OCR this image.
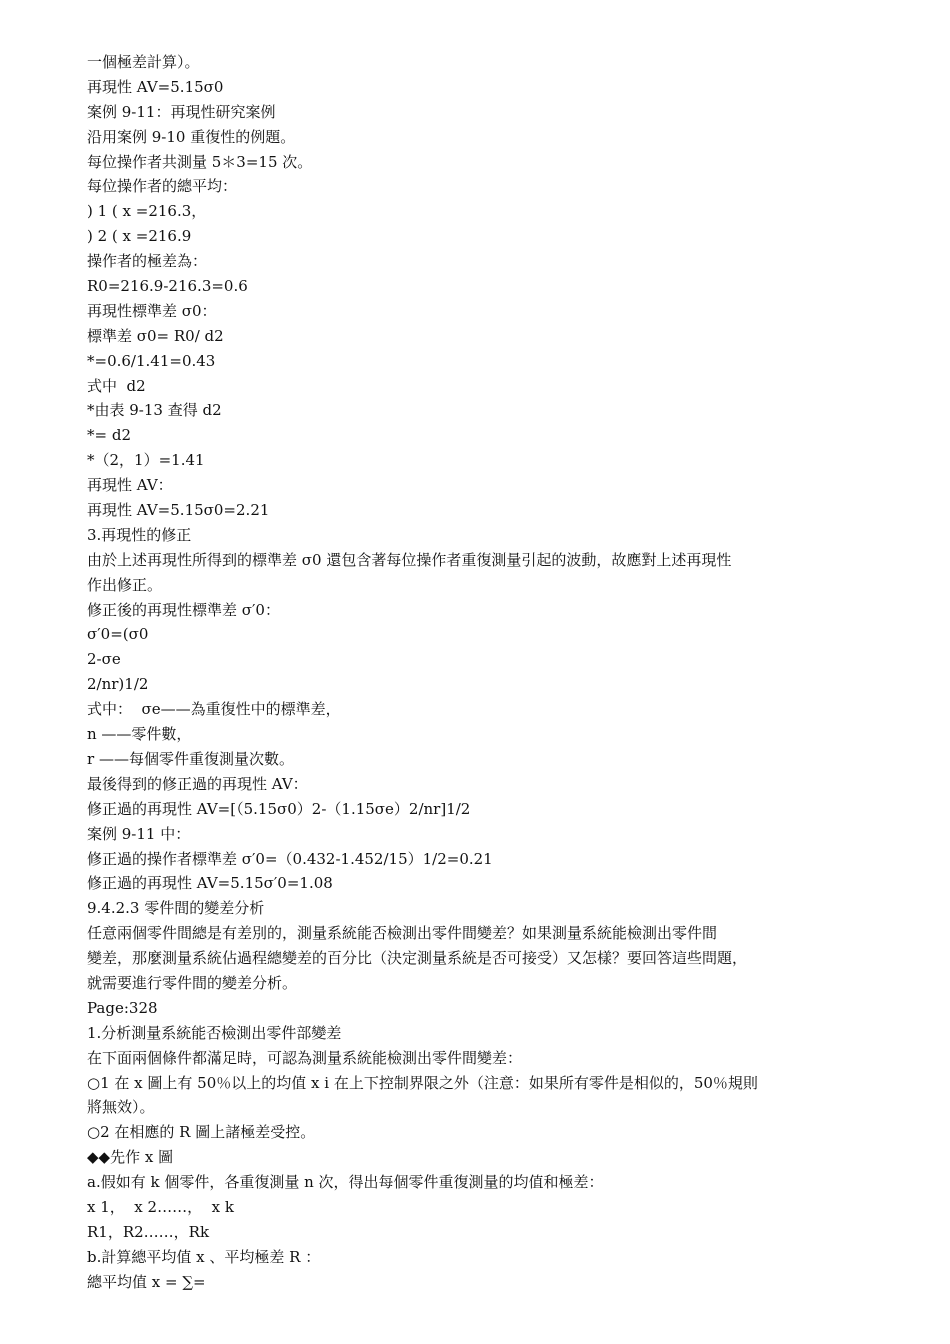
一個極差計算）。
再現性 AV=5.15σ0
案例 9-11：再現性研究案例
沿用案例 9-10 重復性的例題。
每位操作者共測量 5＊3=15 次。
每位操作者的總平均：
) 1 ( x =216.3，
) 2 ( x =216.9
操作者的極差為：
R0=216.9-216.3=0.6
再現性標準差 σ0：
標準差 σ0= R0/ d2
*=0.6/1.41=0.43
式中  d2
*由表 9-13 查得 d2
*= d2
*（2，1）=1.41
再現性 AV：
再現性 AV=5.15σ0=2.21
3.再現性的修正
由於上述再現性所得到的標準差 σ0 還包含著每位操作者重復測量引起的波動，故應對上述再現性
作出修正。
修正後的再現性標準差 σ′0：
σ′0=(σ0
2-σe
2/nr)1/2
式中：  σe——為重復性中的標準差，
n ——零件數，
r ——每個零件重復測量次數。
最後得到的修正過的再現性 AV：
修正過的再現性 AV=[（5.15σ0）2-（1.15σe）2/nr]1/2
案例 9-11 中：
修正過的操作者標準差 σ′0=（0.432-1.452/15）1/2=0.21
修正過的再現性 AV=5.15σ′0=1.08
9.4.2.3 零件間的變差分析
任意兩個零件間總是有差別的，測量系統能否檢測出零件間變差？如果測量系統能檢測出零件間
變差，那麼測量系統佔過程總變差的百分比（決定測量系統是否可接受）又怎樣？要回答這些問題，
就需要進行零件間的變差分析。
Page:328
1.分析測量系統能否檢測出零件部變差
在下面兩個條件都滿足時，可認為測量系統能檢測出零件間變差：
○1 在 x 圖上有 50％以上的均值 x i 在上下控制界限之外（注意：如果所有零件是相似的，50％規則
將無效）。
○2 在相應的 R 圖上諸極差受控。
◆◆先作 x 圖
a.假如有 k 個零件，各重復測量 n 次，得出每個零件重復測量的均值和極差：
x 1，  x 2……，  x k
R1，R2……，Rk
b.計算總平均值 x 、平均極差 R ：
總平均值 x = ∑=
